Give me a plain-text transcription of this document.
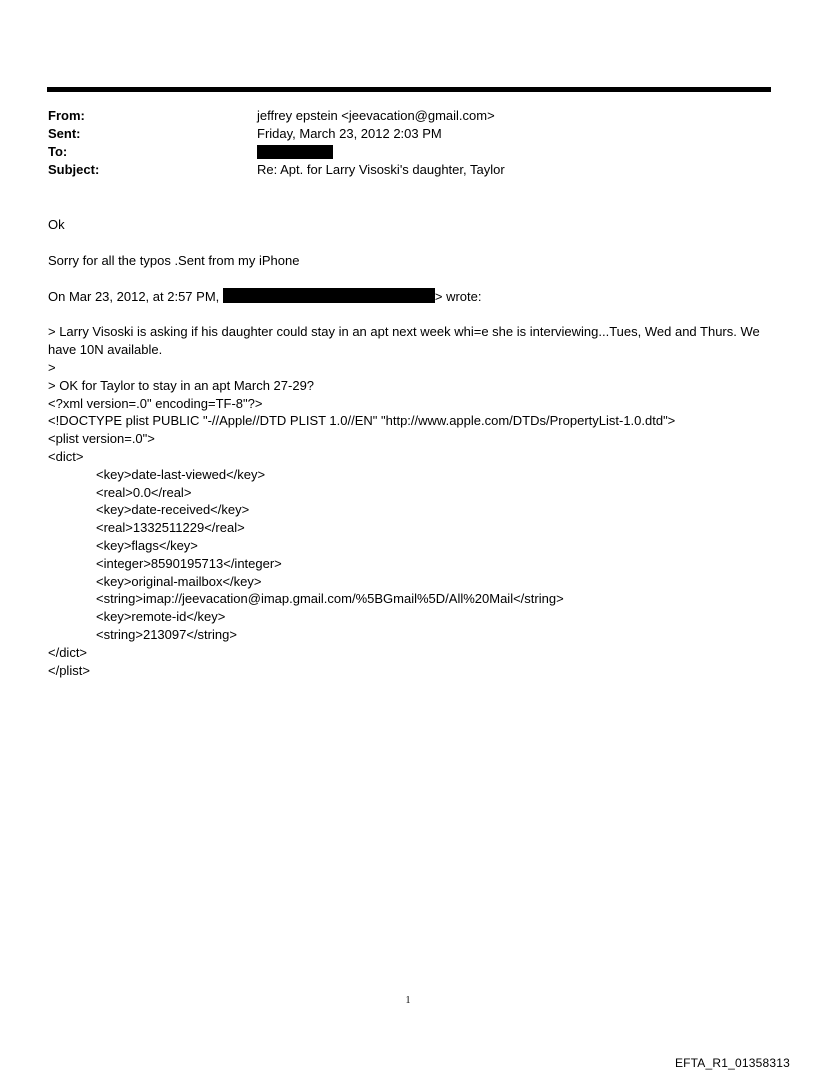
From:	jeffrey epstein <jeevacation@gmail.com>
Sent:	Friday, March 23, 2012 2:03 PM
To:
Subject:	Re: Apt. for Larry Visoski's daughter, Taylor
Ok
Sorry for all the typos .Sent from my iPhone
On Mar 23, 2012, at 2:57 PM,	> wrote:
> Larry Visoski is asking if his daughter could stay in an apt next week whi=e she is interviewing...Tues, Wed and Thurs. We have 10N available.
>
> OK for Taylor to stay in an apt March 27-29?
<?xml version=.0" encoding=TF-8"?>
<!DOCTYPE plist PUBLIC "-//Apple//DTD PLIST 1.0//EN" "http://www.apple.com/DTDs/PropertyList-1.0.dtd">
<plist version=.0">
<dict>
<key>date-last-viewed</key>
<real>0.0</real>
<key>date-received</key>
<real>1332511229</real>
<key>flags</key>
<integer>8590195713</integer>
<key>original-mailbox</key>
<string>imap://jeevacation@imap.gmail.com/%5BGmail%5D/All%20Mail</string>
<key>remote-id</key>
<string>213097</string>
</dict>
</plist>
1
EFTA_R1_01358313
